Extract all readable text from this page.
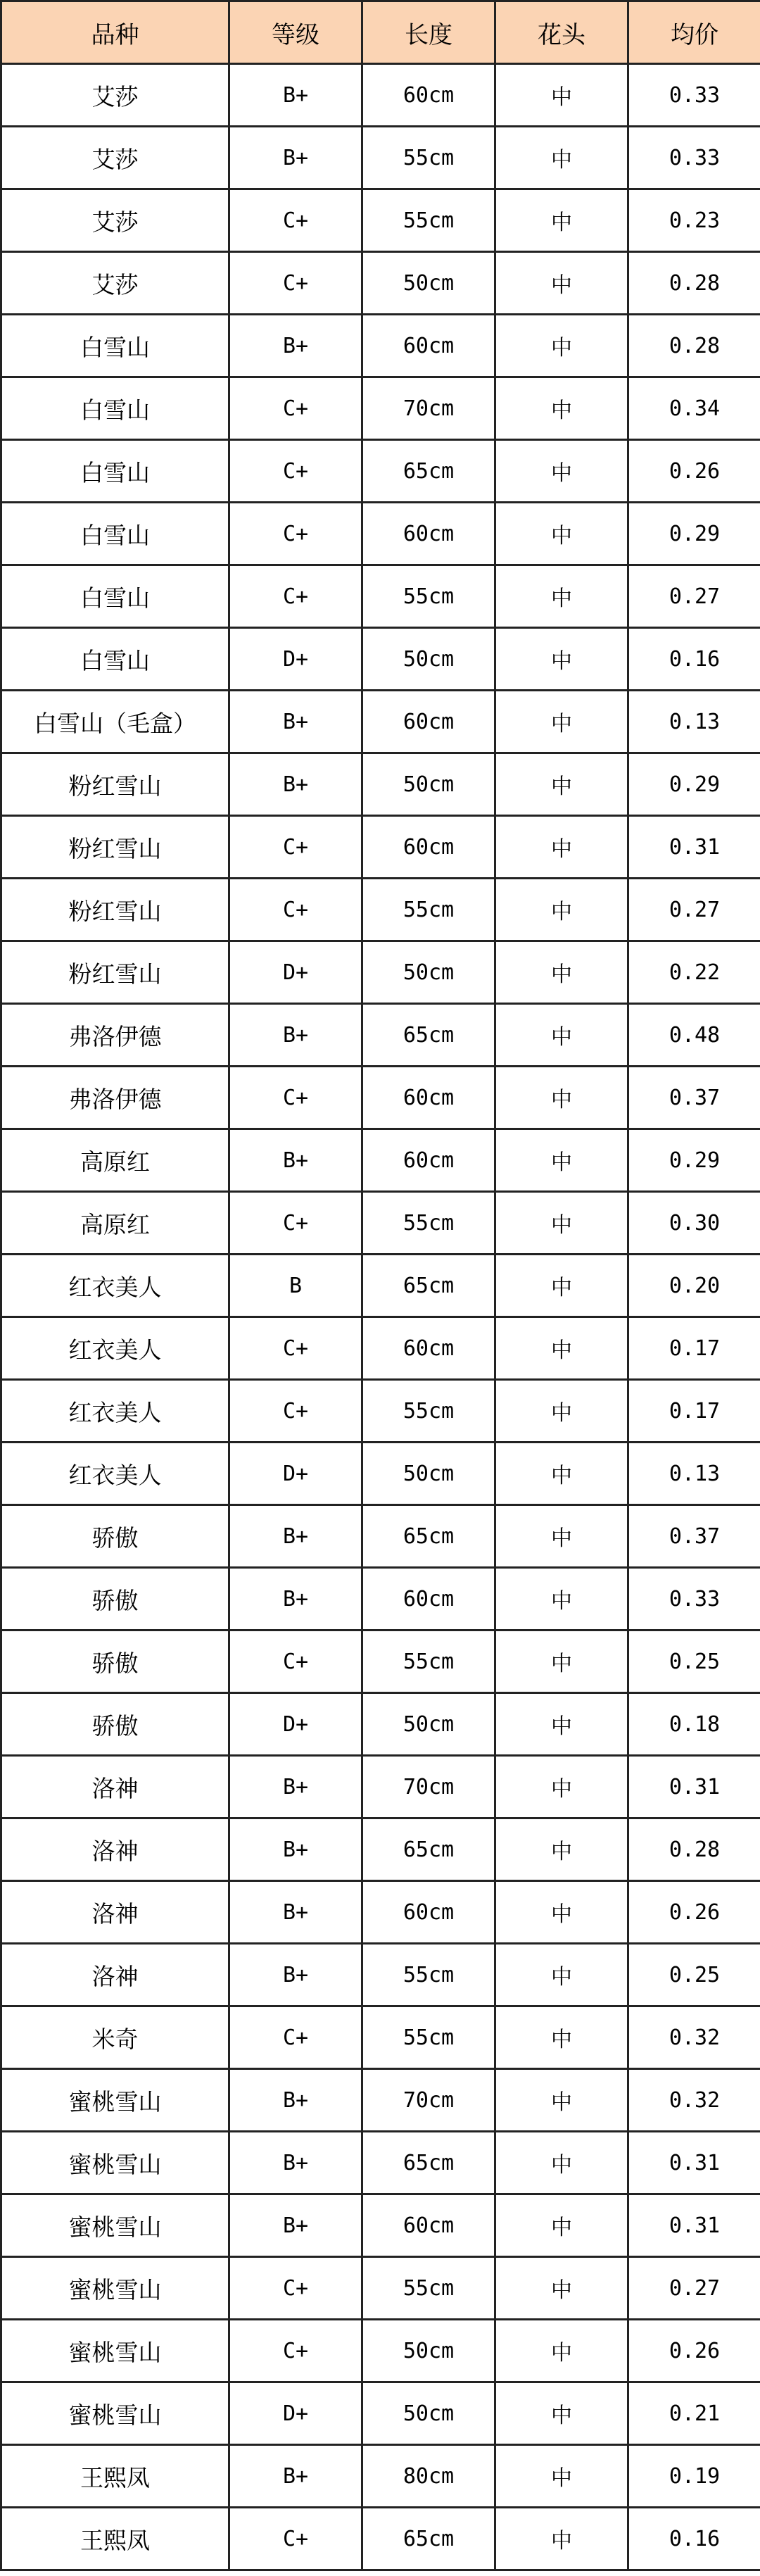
品种	等级	长度	花头	均价
艾莎	B+	60cm	中	0.33
艾莎	B+	55cm	中	0.33
艾莎	C+	55cm	中	0.23
艾莎	C+	50cm	中	0.28
白雪山	B+	60cm	中	0.28
白雪山	C+	70cm	中	0.34
白雪山	C+	65cm	中	0.26
白雪山	C+	60cm	中	0.29
白雪山	C+	55cm	中	0.27
白雪山	D+	50cm	中	0.16
白雪山（毛盒）	B+	60cm	中	0.13
粉红雪山	B+	50cm	中	0.29
粉红雪山	C+	60cm	中	0.31
粉红雪山	C+	55cm	中	0.27
粉红雪山	D+	50cm	中	0.22
弗洛伊德	B+	65cm	中	0.48
弗洛伊德	C+	60cm	中	0.37
高原红	B+	60cm	中	0.29
高原红	C+	55cm	中	0.30
红衣美人	B	65cm	中	0.20
红衣美人	C+	60cm	中	0.17
红衣美人	C+	55cm	中	0.17
红衣美人	D+	50cm	中	0.13
骄傲	B+	65cm	中	0.37
骄傲	B+	60cm	中	0.33
骄傲	C+	55cm	中	0.25
骄傲	D+	50cm	中	0.18
洛神	B+	70cm	中	0.31
洛神	B+	65cm	中	0.28
洛神	B+	60cm	中	0.26
洛神	B+	55cm	中	0.25
米奇	C+	55cm	中	0.32
蜜桃雪山	B+	70cm	中	0.32
蜜桃雪山	B+	65cm	中	0.31
蜜桃雪山	B+	60cm	中	0.31
蜜桃雪山	C+	55cm	中	0.27
蜜桃雪山	C+	50cm	中	0.26
蜜桃雪山	D+	50cm	中	0.21
王熙凤	B+	80cm	中	0.19
王熙凤	C+	65cm	中	0.16
